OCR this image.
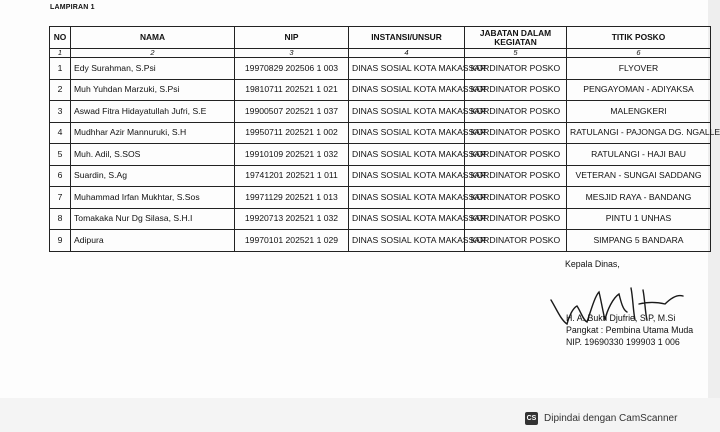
LAMPIRAN 1
NO	NAMA	NIP	INSTANSI/UNSUR	JABATAN DALAM KEGIATAN	TITIK POSKO
1	2	3	4	5	6
1	Edy Surahman, S.Psi	19970829 202506 1 003	DINAS SOSIAL KOTA MAKASSAR	KORDINATOR POSKO	FLYOVER
2	Muh Yuhdan Marzuki, S.Psi	19810711 202521 1 021	DINAS SOSIAL KOTA MAKASSAR	KORDINATOR POSKO	PENGAYOMAN - ADIYAKSA
3	Aswad Fitra Hidayatullah Jufri, S.E	19900507 202521 1 037	DINAS SOSIAL KOTA MAKASSAR	KORDINATOR POSKO	MALENGKERI
4	Mudhhar Azir Mannuruki, S.H	19950711 202521 1 002	DINAS SOSIAL KOTA MAKASSAR	KORDINATOR POSKO	RATULANGI - PAJONGA DG. NGALLE
5	Muh. Adil, S.SOS	19910109 202521 1 032	DINAS SOSIAL KOTA MAKASSAR	KORDINATOR POSKO	RATULANGI - HAJI BAU
6	Suardin, S.Ag	19741201 202521 1 011	DINAS SOSIAL KOTA MAKASSAR	KORDINATOR POSKO	VETERAN - SUNGAI SADDANG
7	Muhammad Irfan Mukhtar, S.Sos	19971129 202521 1 013	DINAS SOSIAL KOTA MAKASSAR	KORDINATOR POSKO	MESJID RAYA - BANDANG
8	Tomakaka Nur Dg Silasa, S.H.I	19920713 202521 1 032	DINAS SOSIAL KOTA MAKASSAR	KORDINATOR POSKO	PINTU 1 UNHAS
9	Adipura	19970101 202521 1 029	DINAS SOSIAL KOTA MAKASSAR	KORDINATOR POSKO	SIMPANG 5 BANDARA
Kepala Dinas,
H. A. Bukti Djufrie, S.P, M.Si
Pangkat : Pembina Utama Muda
NIP. 19690330 199903 1 006
CS Dipindai dengan CamScanner
